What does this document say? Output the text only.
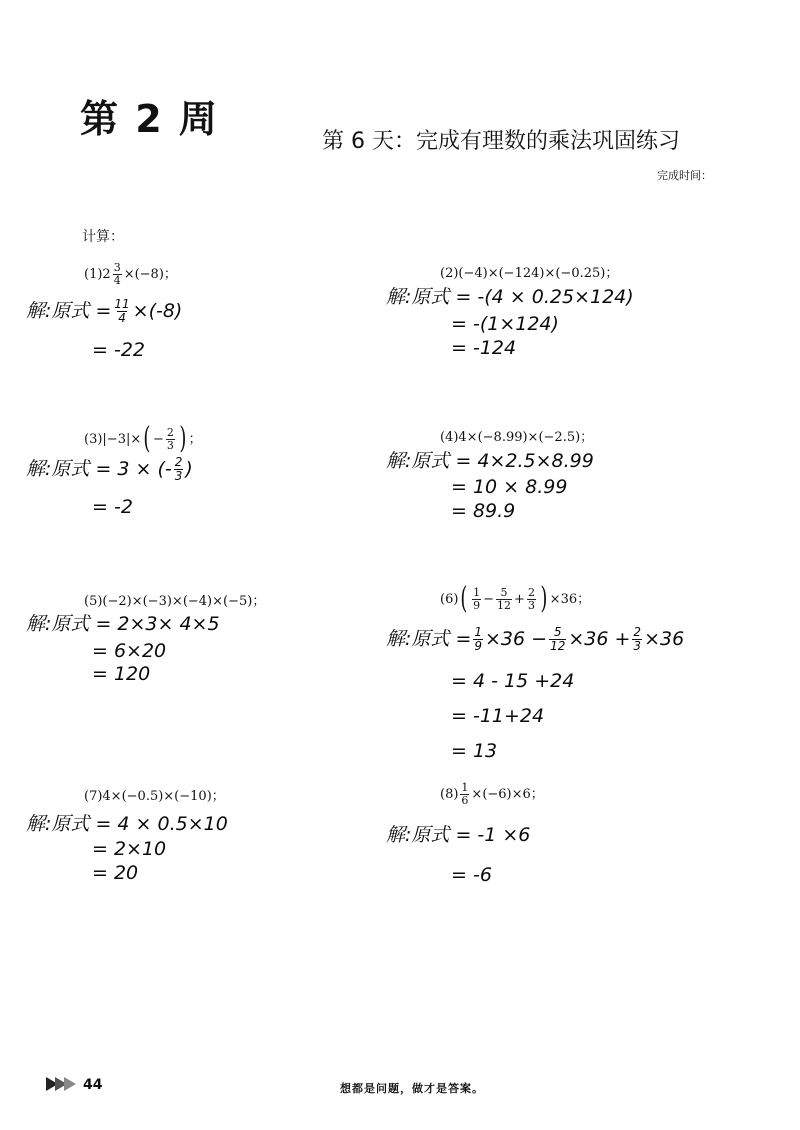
第 2 周
第 6 天：完成有理数的乘法巩固练习
完成时间：
计算：
(1) $2 \frac{3}{4} \times(-8)$；
解:原式 = $\frac{11}{4} \times(-8)$
= -22
(2)(−4)×(−124)×(−0.25)；
解:原式 = -(4 × 0.25×124)
= -(1×124)
= -124
(3) |−3|× ( − $\frac{2}{3}$ ) ；
解:原式 = 3 × (- $\frac{2}{3}$ )
= -2
(4)4×(−8.99)×(−2.5)；
解:原式 = 4×2.5×8.99
= 10 × 8.99
= 89.9
(5)(−2)×(−3)×(−4)×(−5)；
解:原式 = 2×3× 4×5
= 6×20
= 120
(6) ( $\frac{1}{9} - \frac{5}{12} + \frac{2}{3}$ ) ×36；
解:原式 = $\frac{1}{9} \times 36 - \frac{5}{12} \times 36 + \frac{2}{3} \times 36$
= 4 - 15 +24
= -11+24
= 13
(7)4×(−0.5)×(−10)；
解:原式 = 4 × 0.5×10
= 2×10
= 20
$(8) \frac{1}{6} \times(-6)\times 6$；
解:原式 = -1 ×6
= -6
44	想都是问题，做才是答案。
